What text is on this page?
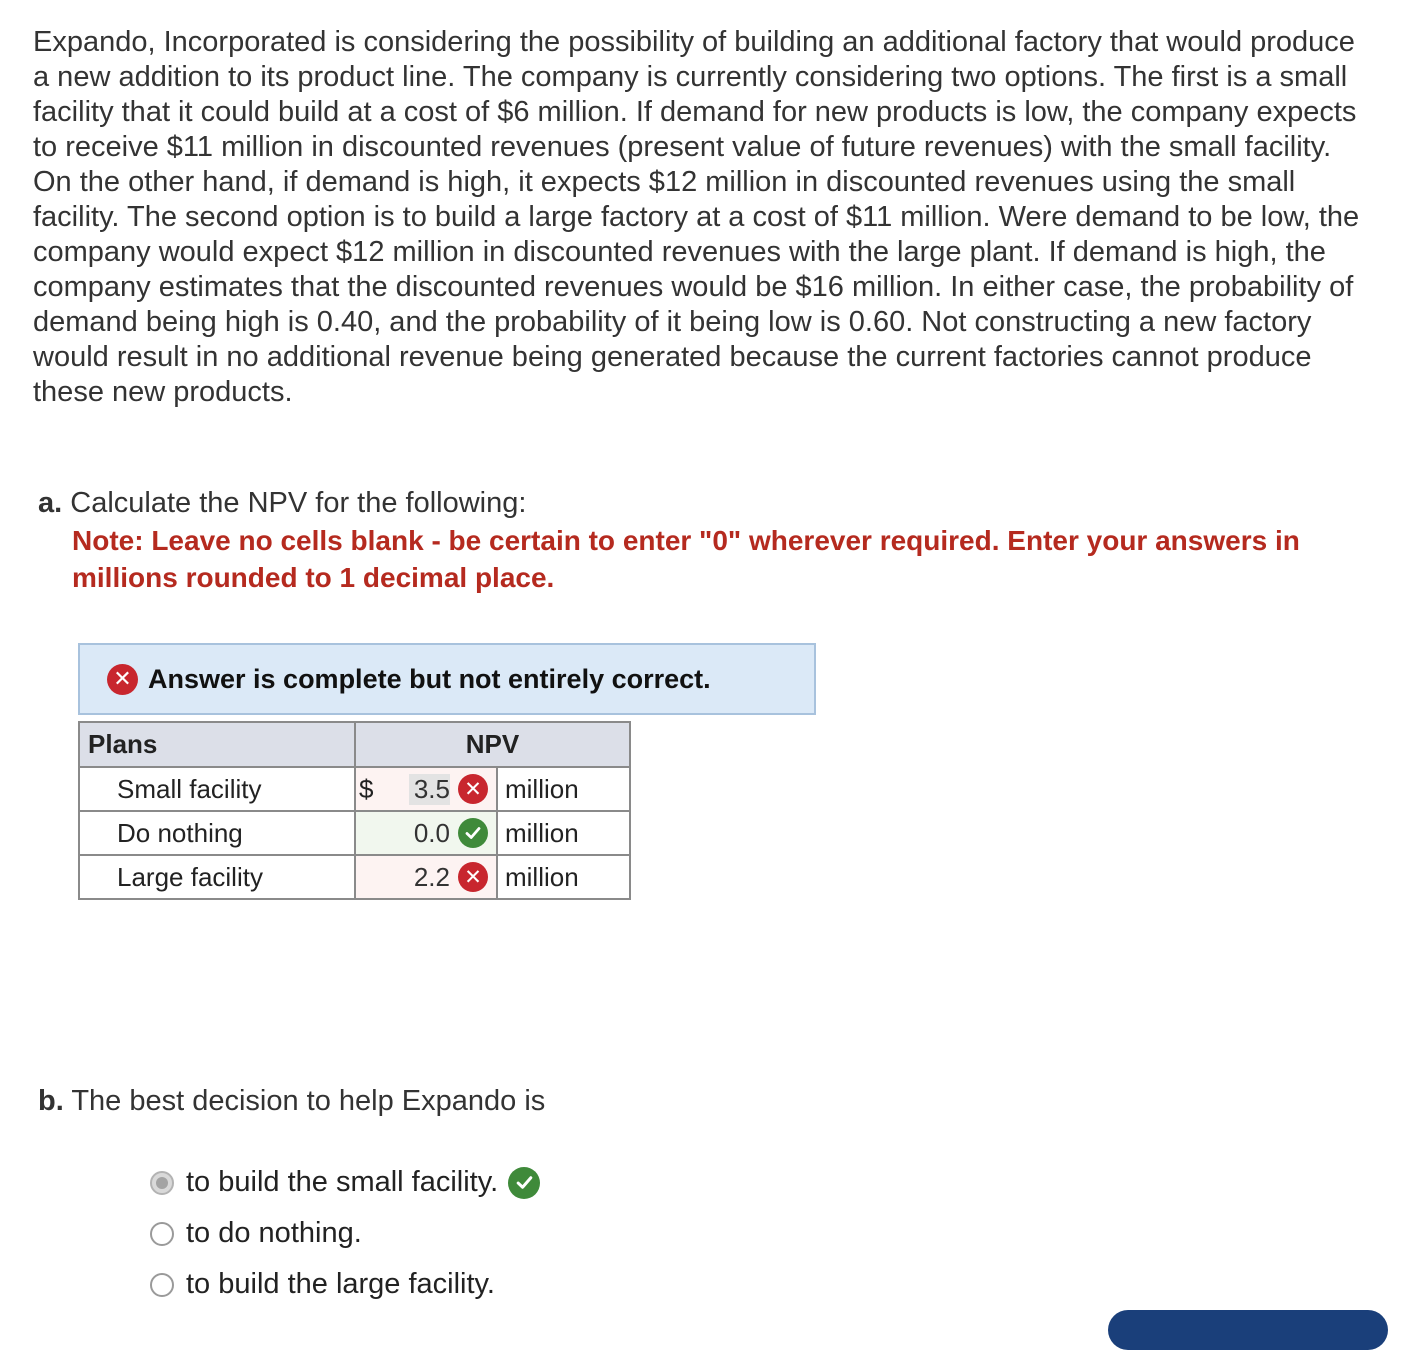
Expando, Incorporated is considering the possibility of building an additional factory that would produce a new addition to its product line. The company is currently considering two options. The first is a small facility that it could build at a cost of $6 million. If demand for new products is low, the company expects to receive $11 million in discounted revenues (present value of future revenues) with the small facility. On the other hand, if demand is high, it expects $12 million in discounted revenues using the small facility. The second option is to build a large factory at a cost of $11 million. Were demand to be low, the company would expect $12 million in discounted revenues with the large plant. If demand is high, the company estimates that the discounted revenues would be $16 million. In either case, the probability of demand being high is 0.40, and the probability of it being low is 0.60. Not constructing a new factory would result in no additional revenue being generated because the current factories cannot produce these new products.

a. Calculate the NPV for the following:
Note: Leave no cells blank - be certain to enter "0" wherever required. Enter your answers in millions rounded to 1 decimal place.
✕ Answer is complete but not entirely correct.
Plans	NPV	
Small facility	$ 3.5 ✕	million
Do nothing	0.0	million
Large facility	2.2 ✕	million
b. The best decision to help Expando is
to build the small facility.
to do nothing.
to build the large facility.
